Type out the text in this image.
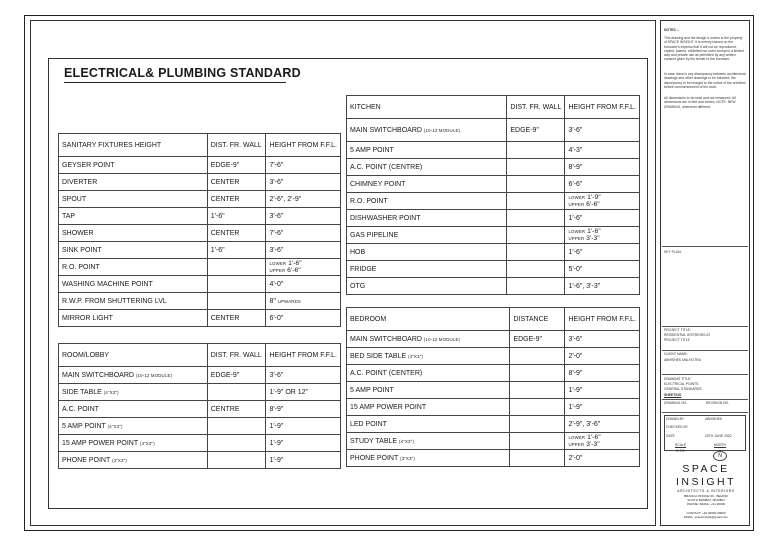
ELECTRICAL& PLUMBING STANDARD
SANITARY FIXTURES HEIGHT	DIST. FR. WALL	HEIGHT FROM F.F.L.
GEYSER POINT	EDGE-9"	7'-6"
DIVERTER	CENTER	3'-6"
SPOUT	CENTER	2'-6", 2'-9"
TAP	1'-6"	3'-6"
SHOWER	CENTER	7'-6"
SINK POINT	1'-6"	3'-6"
R.O. POINT		LOWER 1'-6"
UPPER 6'-6"

WASHING MACHINE POINT		4'-0"
R.W.P. FROM SHUTTERING LVL		8" UPWARDS
MIRROR LIGHT	CENTER	6'-0"
ROOM/LOBBY	DIST. FR. WALL	HEIGHT FROM F.F.L.
MAIN SWITCHBOARD (10-12 MODULE)	EDGE-9"	3'-6"
SIDE TABLE (4"X3")		1'-9" OR 12"
A.C. POINT	CENTRE	8'-9"
5 AMP POINT (4"X3")		1'-9"
15 AMP POWER POINT (4"X3")		1'-9"
PHONE POINT (3"X3")		1'-9"
KITCHEN	DIST. FR. WALL	HEIGHT FROM F.F.L.
MAIN SWITCHBOARD (10-12 MODULE)	EDGE-9"	3'-6"
5 AMP POINT		4'-3"
A.C. POINT (CENTRE)		8'-9"
CHIMNEY POINT		6'-6"
R.O. POINT		LOWER 1'-9"
UPPER 6'-6"

DISHWASHER POINT		1'-6"
GAS PIPELINE		LOWER 1'-6"
UPPER 3'-3"

HOB		1'-6"
FRIDGE		5'-0"
OTG		1'-6", 3'-3"
BEDROOM	DISTANCE	HEIGHT FROM F.F.L.
MAIN SWITCHBOARD (10-12 MODULE)	EDGE-9"	3'-6"
BED SIDE TABLE (4"X3")		2'-0"
A.C. POINT (CENTER)		8'-9"
5 AMP POINT		1'-9"
15 AMP POWER POINT		1'-9"
LED POINT		2'-9", 3'-6"
STUDY TABLE (4"X3")		LOWER 1'-6"
UPPER 3'-3"

PHONE POINT (3"X3")		2'-0"
NOTES :-
This drawing and the design it covers is the property of SPACE INSIGHT. It is merely loaned on the borrower's express that it will not be reproduced, copied, loaned, exhibited nor used except in a limited way and private use as permitted by any written consent given by the lender to the borrower.
In case there is any discrepancy between architectural drawings and other drawings to be followed, the discrepancy to be brought to the notice of the architect before commencement of the work.
All dimensions to be read and not measured. All dimensions are in feet and inches, NOTE: NEW DRAWING, whenever different.
KEY PLAN:
PROJECT TITLE:
RESIDENTIAL INTERIORS AT
PROJECT TITLE
CLIENT NAME:
ABHISHEK MALHOTRA
DRAWING TITLE:
ELECTRICAL POINTS
GENERAL STANDARDS
SHEET/NO
DRAWING NO.	REVISION NO.
DRAWN BY	ABHISHEK
CHECKED BY
DATE	20TH JUNE 2020
SCALE	NORTH
N.T.S.
N
SPACE
INSIGHT
ARCHITECTS & INTERIORS
BRANCH OFFICE NO., BEHIND
SOUTH BOMBAY, MUMBAI
PHONE / EMAIL: +91 00000
CONTACT: +91 00000 00000
EMAIL: spaceinsight@gmail.com
